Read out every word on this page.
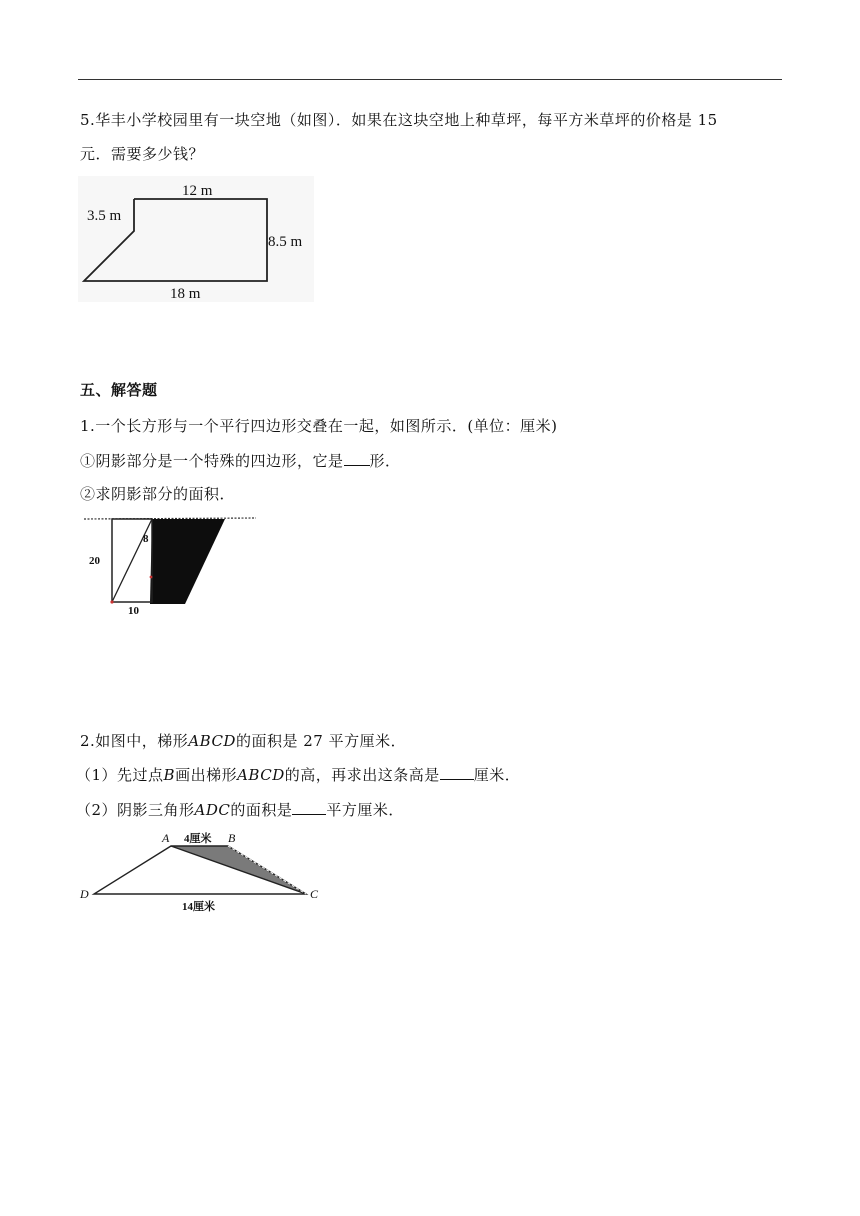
5.华丰小学校园里有一块空地（如图）．如果在这块空地上种草坪，每平方米草坪的价格是 15
元．需要多少钱？
12 m
3.5 m
8.5 m
18 m
五、解答题
1.一个长方形与一个平行四边形交叠在一起，如图所示．(单位：厘米)
①阴影部分是一个特殊的四边形，它是 形．
②求阴影部分的面积．
20
8
10
2.如图中，梯形ABCD的面积是 27 平方厘米．
（1）先过点B画出梯形ABCD的高，再求出这条高是 厘米．
（2）阴影三角形ADC的面积是 平方厘米．
A	B
C
D
4厘米
14厘米
